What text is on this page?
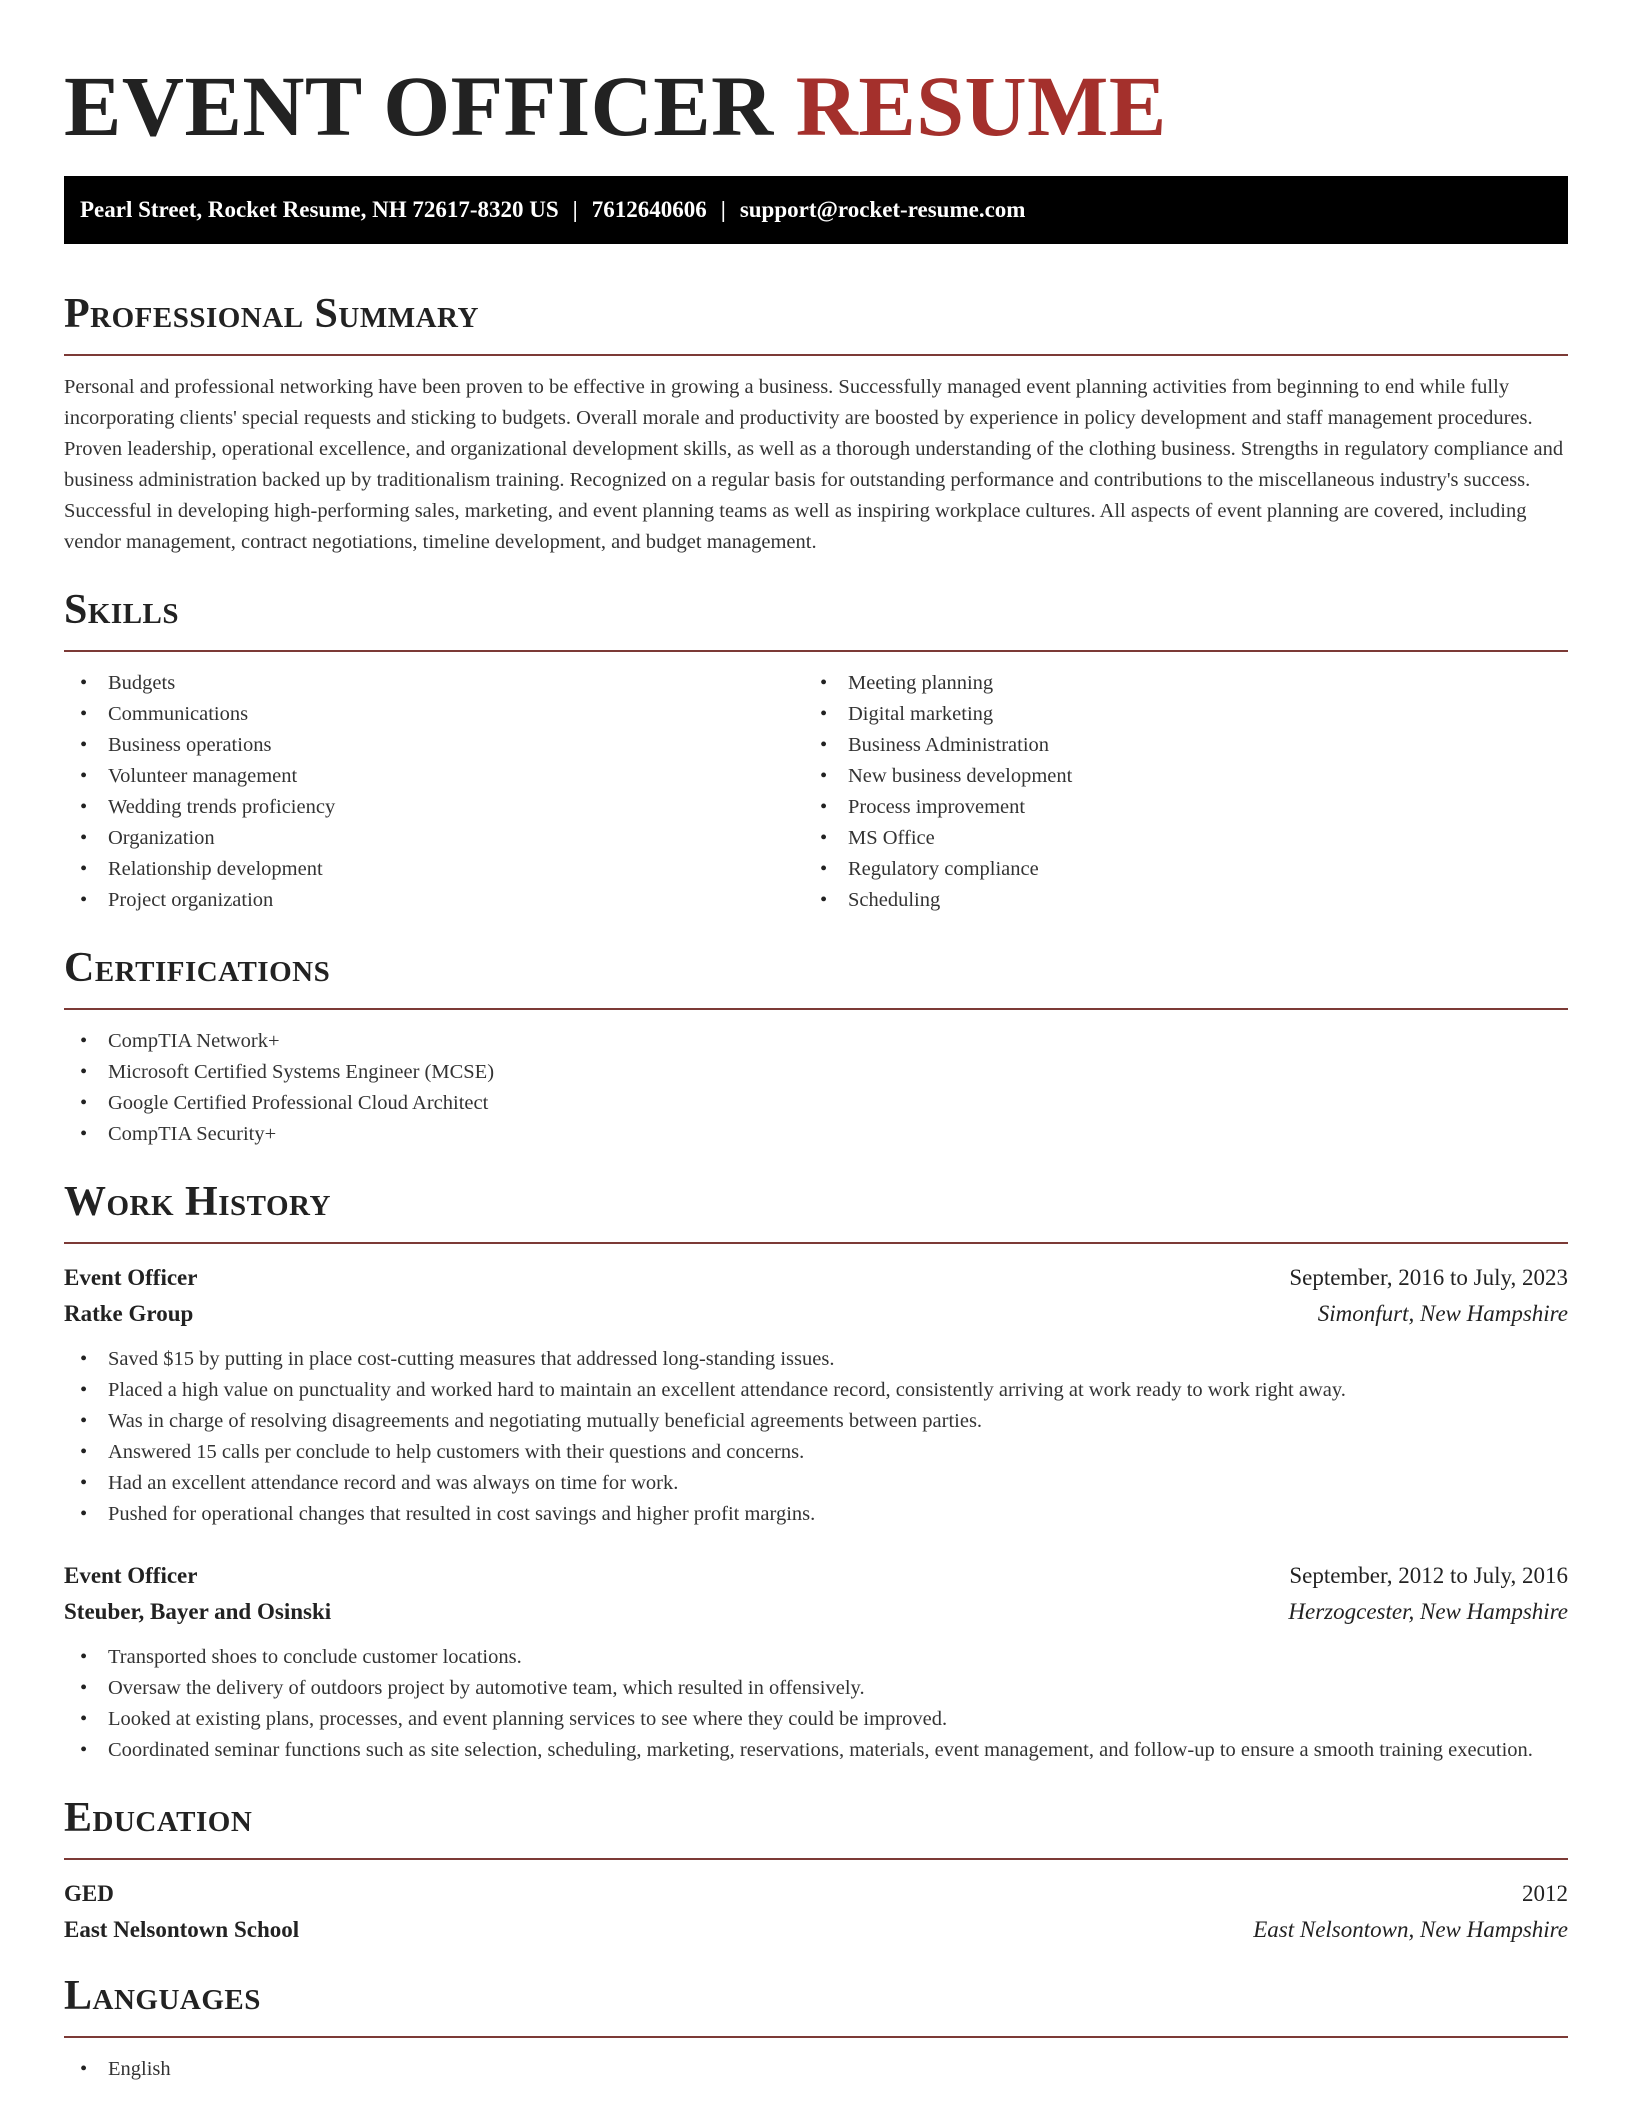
EVENT OFFICER RESUME
Pearl Street, Rocket Resume, NH 72617-8320 US | 7612640606 | support@rocket-resume.com
Professional Summary

Personal and professional networking have been proven to be effective in growing a business. Successfully managed event planning activities from beginning to end while fully incorporating clients' special requests and sticking to budgets. Overall morale and productivity are boosted by experience in policy development and staff management procedures. Proven leadership, operational excellence, and organizational development skills, as well as a thorough understanding of the clothing business. Strengths in regulatory compliance and business administration backed up by traditionalism training. Recognized on a regular basis for outstanding performance and contributions to the miscellaneous industry's success. Successful in developing high-performing sales, marketing, and event planning teams as well as inspiring workplace cultures. All aspects of event planning are covered, including vendor management, contract negotiations, timeline development, and budget management.

Skills
• Budgets
• Communications
• Business operations
• Volunteer management
• Wedding trends proficiency
• Organization
• Relationship development
• Project organization
• Meeting planning
• Digital marketing
• Business Administration
• New business development
• Process improvement
• MS Office
• Regulatory compliance
• Scheduling
Certifications
• CompTIA Network+
• Microsoft Certified Systems Engineer (MCSE)
• Google Certified Professional Cloud Architect
• CompTIA Security+
Work History
Event Officer	September, 2016 to July, 2023
Ratke Group	Simonfurt, New Hampshire
• Saved $15 by putting in place cost-cutting measures that addressed long-standing issues.
• Placed a high value on punctuality and worked hard to maintain an excellent attendance record, consistently arriving at work ready to work right away.
• Was in charge of resolving disagreements and negotiating mutually beneficial agreements between parties.
• Answered 15 calls per conclude to help customers with their questions and concerns.
• Had an excellent attendance record and was always on time for work.
• Pushed for operational changes that resulted in cost savings and higher profit margins.
Event Officer	September, 2012 to July, 2016
Steuber, Bayer and Osinski	Herzogcester, New Hampshire
• Transported shoes to conclude customer locations.
• Oversaw the delivery of outdoors project by automotive team, which resulted in offensively.
• Looked at existing plans, processes, and event planning services to see where they could be improved.
• Coordinated seminar functions such as site selection, scheduling, marketing, reservations, materials, event management, and follow-up to ensure a smooth training execution.
Education
GED	2012
East Nelsontown School	East Nelsontown, New Hampshire
Languages
• English
